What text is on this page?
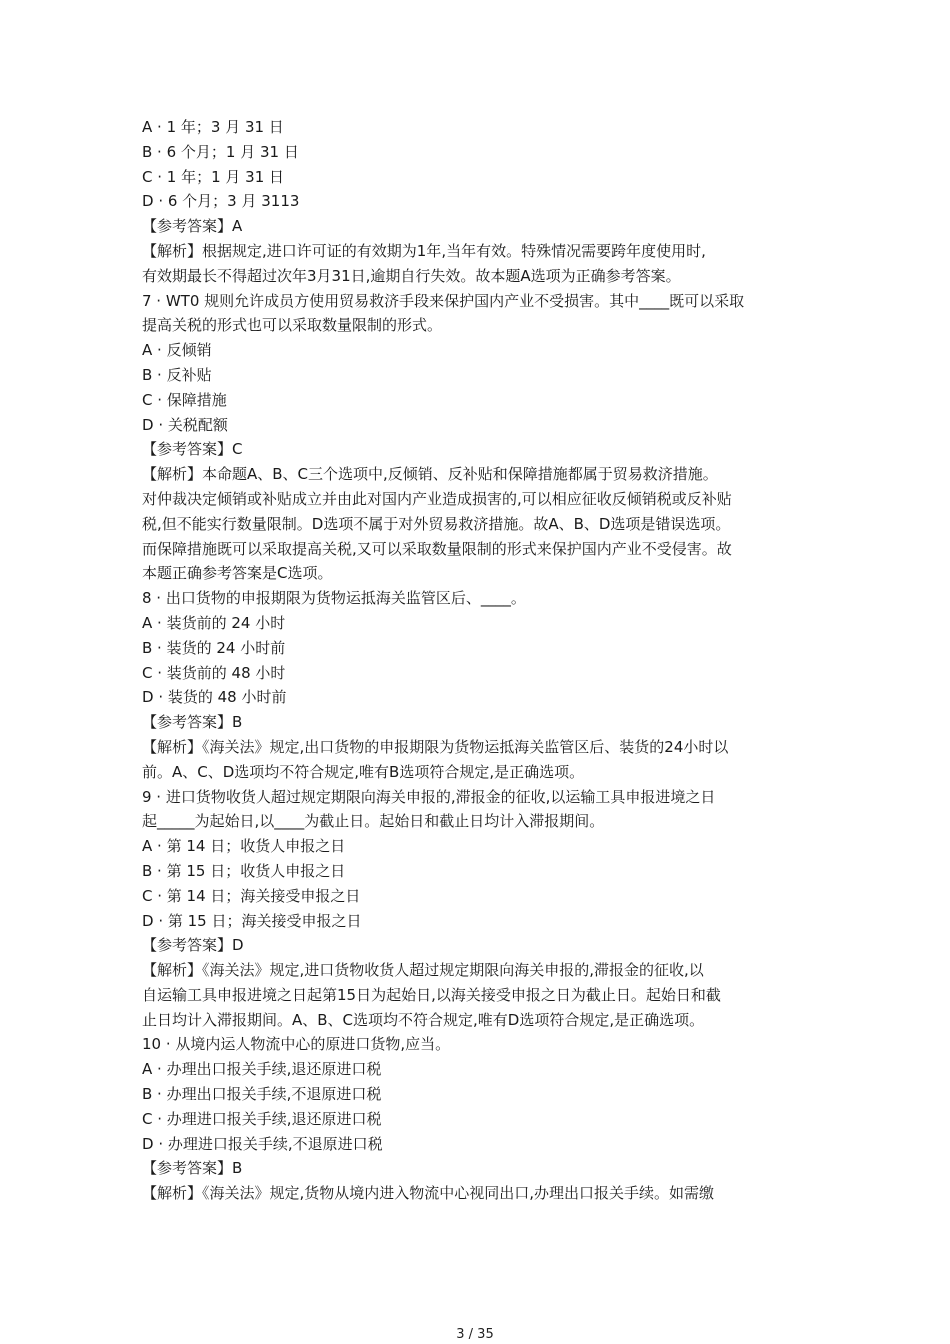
A · 1 年；3 月 31 日
B · 6 个月；1 月 31 日
C · 1 年；1 月 31 日
D · 6 个月；3 月 3113
【参考答案】A
【解析】根据规定,进口许可证的有效期为1年,当年有效。特殊情况需要跨年度使用时,
有效期最长不得超过次年3月31日,逾期自行失效。故本题A选项为正确参考答案。
7 · WT0 规则允许成员方使用贸易救济手段来保护国内产业不受损害。其中____既可以采取
提高关税的形式也可以采取数量限制的形式。
A · 反倾销
B · 反补贴
C · 保障措施
D · 关税配额
【参考答案】C
【解析】本命题A、B、C三个选项中,反倾销、反补贴和保障措施都属于贸易救济措施。
对仲裁决定倾销或补贴成立并由此对国内产业造成损害的,可以相应征收反倾销税或反补贴
税,但不能实行数量限制。D选项不属于对外贸易救济措施。故A、B、D选项是错误选项。
而保障措施既可以采取提高关税,又可以采取数量限制的形式来保护国内产业不受侵害。故
本题正确参考答案是C选项。
8 · 出口货物的申报期限为货物运抵海关监管区后、____。
A · 装货前的 24 小时
B · 装货的 24 小时前
C · 装货前的 48 小时
D · 装货的 48 小时前
【参考答案】B
【解析】《海关法》规定,出口货物的申报期限为货物运抵海关监管区后、装货的24小时以
前。A、C、D选项均不符合规定,唯有B选项符合规定,是正确选项。
9 · 进口货物收货人超过规定期限向海关申报的,滞报金的征收,以运输工具申报进境之日
起_____为起始日,以____为截止日。起始日和截止日均计入滞报期间。
A · 第 14 日；收货人申报之日
B · 第 15 日；收货人申报之日
C · 第 14 日；海关接受申报之日
D · 第 15 日；海关接受申报之日
【参考答案】D
【解析】《海关法》规定,进口货物收货人超过规定期限向海关申报的,滞报金的征收,以
自运输工具申报进境之日起第15日为起始日,以海关接受申报之日为截止日。起始日和截
止日均计入滞报期间。A、B、C选项均不符合规定,唯有D选项符合规定,是正确选项。
10 · 从境内运人物流中心的原进口货物,应当。
A · 办理出口报关手续,退还原进口税
B · 办理出口报关手续,不退原进口税
C · 办理进口报关手续,退还原进口税
D · 办理进口报关手续,不退原进口税
【参考答案】B
【解析】《海关法》规定,货物从境内进入物流中心视同出口,办理出口报关手续。如需缴
3 / 35
